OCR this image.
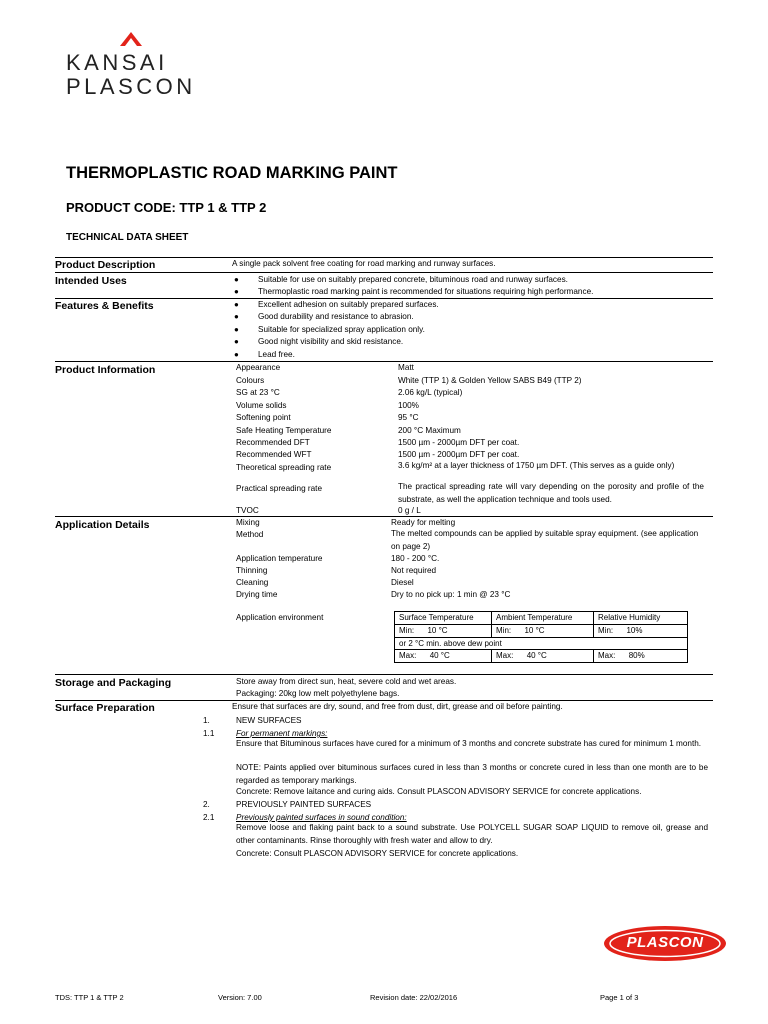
KANSAI
PLASCON
THERMOPLASTIC ROAD MARKING PAINT
PRODUCT CODE: TTP 1 & TTP 2
TECHNICAL DATA SHEET
Product Description	A single pack solvent free coating for road marking and runway surfaces.
Intended Uses	● Suitable for use on suitably prepared concrete, bituminous road and runway surfaces.
● Thermoplastic road marking paint is recommended for situations requiring high performance.
Features & Benefits	● Excellent adhesion on suitably prepared surfaces.
● Good durability and resistance to abrasion.
● Suitable for specialized spray application only.
● Good night visibility and skid resistance.
● Lead free.
Product Information	Appearance	Matt
Colours	White (TTP 1) & Golden Yellow SABS B49 (TTP 2)
SG at 23 °C	2.06 kg/L (typical)
Volume solids	100%
Softening point	95 °C
Safe Heating Temperature	200 °C Maximum
Recommended DFT	1500 µm - 2000µm DFT per coat.
Recommended WFT	1500 µm - 2000µm DFT per coat.
Theoretical spreading rate	3.6 kg/m² at a layer thickness of 1750 µm DFT. (This serves as a guide only)
Practical spreading rate	The practical spreading rate will vary depending on the porosity and profile of the substrate, as well the application technique and tools used.
TVOC	0 g / L
Application Details	Mixing	Ready for melting
Method	The melted compounds can be applied by suitable spray equipment. (see application on page 2)
Application temperature	180 - 200 °C.
Thinning	Not required
Cleaning	Diesel
Drying time	Dry to no pick up: 1 min @ 23 °C
Application environment	Surface Temperature	Ambient Temperature	Relative Humidity
Min: 10 °C	Min: 10 °C	Min: 10%
or 2 °C min. above dew point		
Max: 40 °C	Max: 40 °C	Max: 80%
Storage and Packaging	Store away from direct sun, heat, severe cold and wet areas.
Packaging: 20kg low melt polyethylene bags.
Surface Preparation	Ensure that surfaces are dry, sound, and free from dust, dirt, grease and oil before painting.
1.	NEW SURFACES
1.1	For permanent markings:
Ensure that Bituminous surfaces have cured for a minimum of 3 months and concrete substrate has cured for minimum 1 month.
NOTE: Paints applied over bituminous surfaces cured in less than 3 months or concrete cured in less than one month are to be regarded as temporary markings.
Concrete: Remove laitance and curing aids. Consult PLASCON ADVISORY SERVICE for concrete applications.
2.	PREVIOUSLY PAINTED SURFACES
2.1	Previously painted surfaces in sound condition:
Remove loose and flaking paint back to a sound substrate. Use POLYCELL SUGAR SOAP LIQUID to remove oil, grease and other contaminants. Rinse thoroughly with fresh water and allow to dry.
Concrete: Consult PLASCON ADVISORY SERVICE for concrete applications.
PLASCON
TDS: TTP 1 & TTP 2	Version: 7.00	Revision date: 22/02/2016	Page 1 of 3
